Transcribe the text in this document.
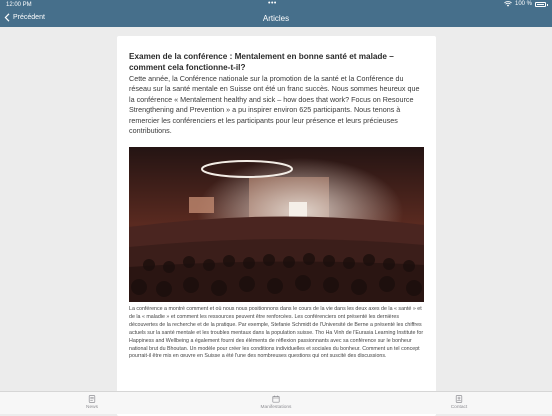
12:00 PM	•••	100 %
Précédent	Articles
Examen de la conférence : Mentalement en bonne santé et malade – comment cela fonctionne-t-il?
Cette année, la Conférence nationale sur la promotion de la santé et la Conférence du réseau sur la santé mentale en Suisse ont été un franc succès. Nous sommes heureux que la conférence « Mentalement healthy and sick – how does that work? Focus on Resource Strengthening and Prevention » a pu inspirer environ 625 participants. Nous tenons à remercier les conférenciers et les participants pour leur présence et leurs précieuses contributions.
La conférence a montré comment et où nous nous positionnons dans le cours de la vie dans les deux axes de la « santé » et de la « maladie » et comment les ressources peuvent être renforcées. Les conférenciers ont présenté les dernières découvertes de la recherche et de la pratique. Par exemple, Stefanie Schmidt de l'Université de Berne a présenté les chiffres actuels sur la santé mentale et les troubles mentaux dans la population suisse. Tho Ha Vinh de l'Eurasia Learning Institute for Happiness and Wellbeing a également fourni des éléments de réflexion passionnants avec sa conférence sur le bonheur national brut du Bhoutan. Un modèle pour créer les conditions individuelles et sociales du bonheur. Comment un tel concept pourrait-il être mis en œuvre en Suisse a été l'une des nombreuses questions qui ont suscité des discussions.
News	Manifestations	Contact
